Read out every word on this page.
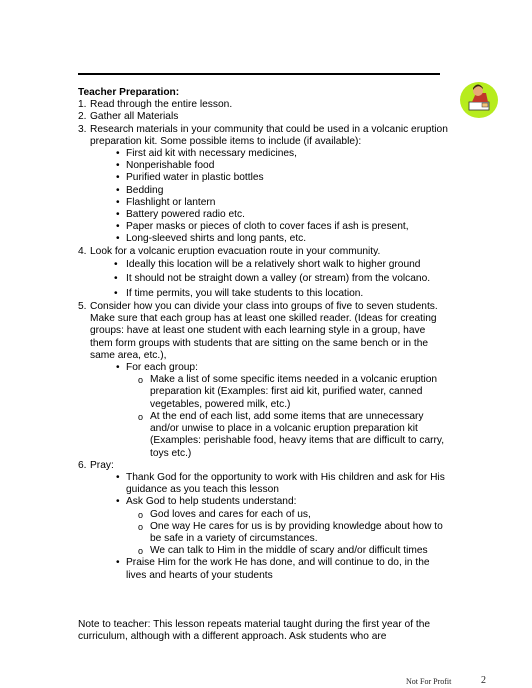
Teacher Preparation:
1. Read through the entire lesson.
2. Gather all Materials
3. Research materials in your community that could be used in a volcanic eruption preparation kit. Some possible items to include (if available):
• First aid kit with necessary medicines,
• Nonperishable food
• Purified water in plastic bottles
• Bedding
• Flashlight or lantern
• Battery powered radio etc.
• Paper masks or pieces of cloth to cover faces if ash is present,
• Long-sleeved shirts and long pants, etc.
4. Look for a volcanic eruption evacuation route in your community.
• Ideally this location will be a relatively short walk to higher ground
• It should not be straight down a valley (or stream) from the volcano.
• If time permits, you will take students to this location.
5. Consider how you can divide your class into groups of five to seven students. Make sure that each group has at least one skilled reader. (Ideas for creating groups: have at least one student with each learning style in a group, have them form groups with students that are sitting on the same bench or in the same area, etc.),
• For each group:
o Make a list of some specific items needed in a volcanic eruption preparation kit (Examples: first aid kit, purified water, canned vegetables, powered milk, etc.)
o At the end of each list, add some items that are unnecessary and/or unwise to place in a volcanic eruption preparation kit (Examples: perishable food, heavy items that are difficult to carry, toys etc.)
6. Pray:
• Thank God for the opportunity to work with His children and ask for His guidance as you teach this lesson
• Ask God to help students understand:
o God loves and cares for each of us,
o One way He cares for us is by providing knowledge about how to be safe in a variety of circumstances.
o We can talk to Him in the middle of scary and/or difficult times
• Praise Him for the work He has done, and will continue to do, in the lives and hearts of your students
Note to teacher: This lesson repeats material taught during the first year of the curriculum, although with a different approach. Ask students who are
Not For Profit	2
